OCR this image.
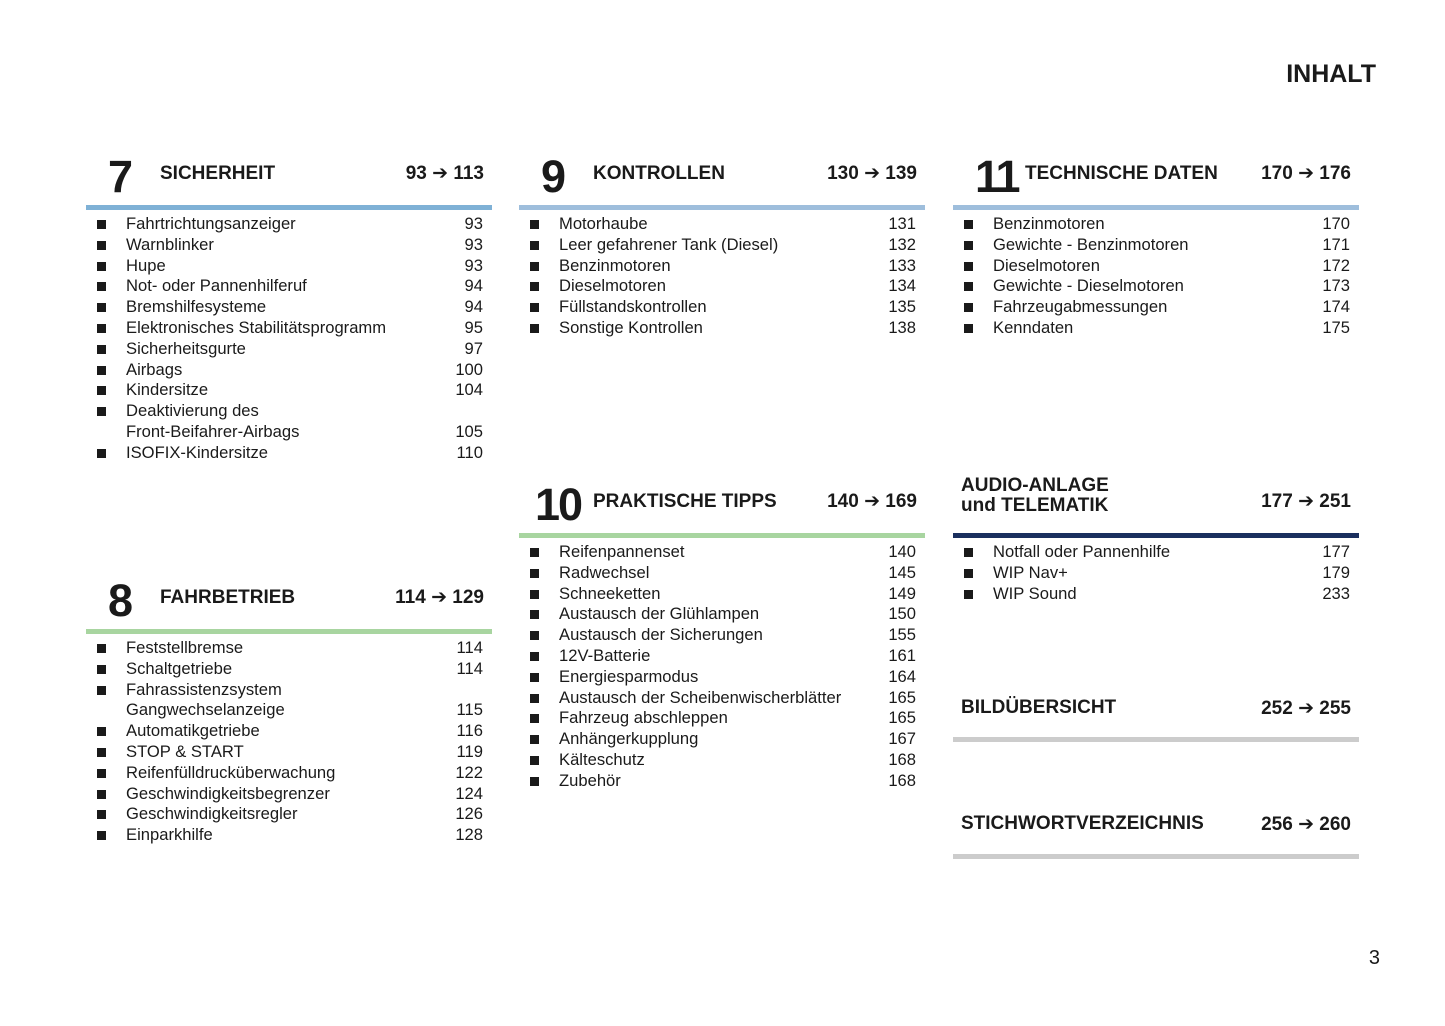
INHALT
7 SICHERHEIT	93 ➔ 113
Fahrtrichtungsanzeiger	93
Warnblinker	93
Hupe	93
Not- oder Pannenhilferuf	94
Bremshilfesysteme	94
Elektronisches Stabilitätsprogramm	95
Sicherheitsgurte	97
Airbags	100
Kindersitze	104
Deaktivierung des
Front-Beifahrer-Airbags	105
ISOFIX-Kindersitze	110
8 FAHRBETRIEB	114 ➔ 129
Feststellbremse	114
Schaltgetriebe	114
Fahrassistenzsystem
Gangwechselanzeige	115
Automatikgetriebe	116
STOP & START	119
Reifenfülldrucküberwachung	122
Geschwindigkeitsbegrenzer	124
Geschwindigkeitsregler	126
Einparkhilfe	128
9 KONTROLLEN	130 ➔ 139
Motorhaube	131
Leer gefahrener Tank (Diesel)	132
Benzinmotoren	133
Dieselmotoren	134
Füllstandskontrollen	135
Sonstige Kontrollen	138
10 PRAKTISCHE TIPPS	140 ➔ 169
Reifenpannenset	140
Radwechsel	145
Schneeketten	149
Austausch der Glühlampen	150
Austausch der Sicherungen	155
12V-Batterie	161
Energiesparmodus	164
Austausch der Scheibenwischerblätter	165
Fahrzeug abschleppen	165
Anhängerkupplung	167
Kälteschutz	168
Zubehör	168
11 TECHNISCHE DATEN 170 ➔ 176
Benzinmotoren	170
Gewichte - Benzinmotoren	171
Dieselmotoren	172
Gewichte - Dieselmotoren	173
Fahrzeugabmessungen	174
Kenndaten	175
AUDIO-ANLAGE
und TELEMATIK	177 ➔ 251
Notfall oder Pannenhilfe	177
WIP Nav+	179
WIP Sound	233
BILDÜBERSICHT	252 ➔ 255
STICHWORTVERZEICHNIS	256 ➔ 260
3
